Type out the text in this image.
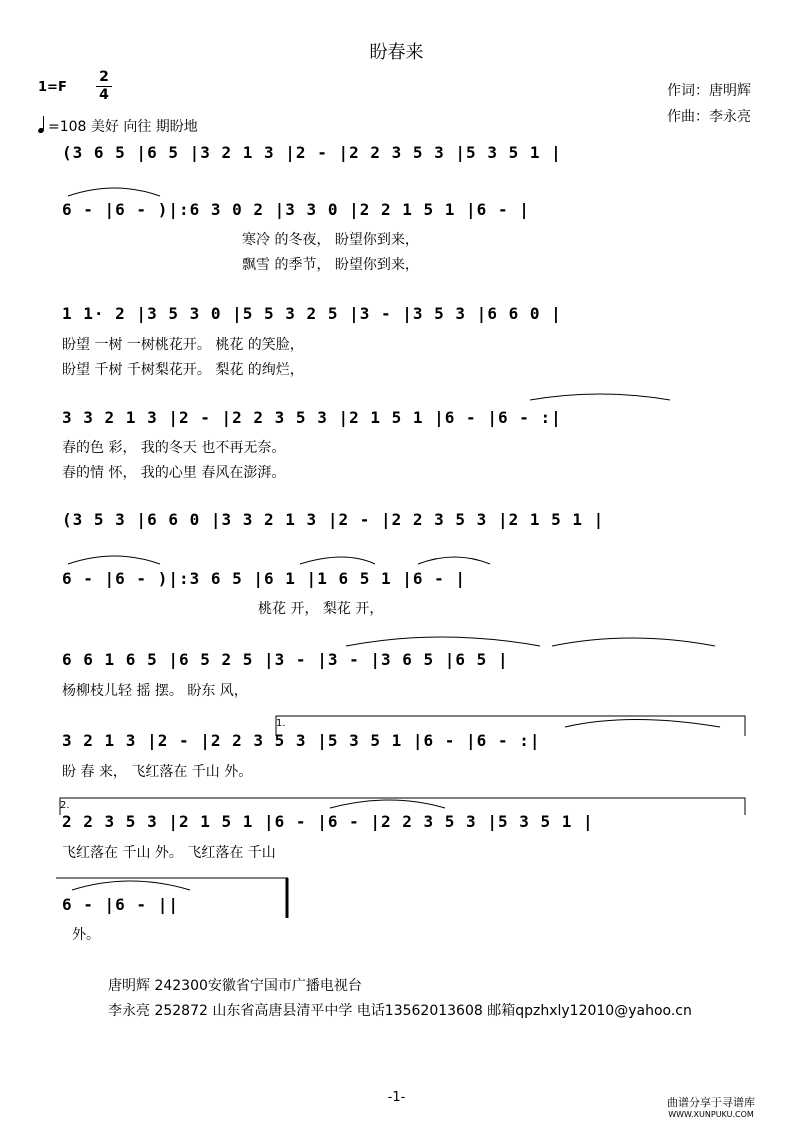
盼春来
1=F
2
4
=108 美好 向往 期盼地
作词：唐明辉
作曲：李永亮
(3 6 5 |6 5 |3 2 1 3 |2 - |2 2 3 5 3 |5 3 5 1 |
6 - |6 - )|:6 3 0 2 |3 3 0 |2 2 1 5 1 |6 - |
寒冷 的冬夜， 盼望你到来，
飘雪 的季节， 盼望你到来，
1 1· 2 |3 5 3 0 |5 5 3 2 5 |3 - |3 5 3 |6 6 0 |
盼望 一树 一树桃花开。 桃花 的笑脸，
盼望 千树 千树梨花开。 梨花 的绚烂，
3 3 2 1 3 |2 - |2 2 3 5 3 |2 1 5 1 |6 - |6 - :|
春的色 彩， 我的冬天 也不再无奈。
春的情 怀， 我的心里 春风在澎湃。
(3 5 3 |6 6 0 |3 3 2 1 3 |2 - |2 2 3 5 3 |2 1 5 1 |
6 - |6 - )|:3 6 5 |6 1 |1 6 5 1 |6 - |
桃花 开， 梨花 开，
6 6 1 6 5 |6 5 2 5 |3 - |3 - |3 6 5 |6 5 |
杨柳枝儿轻 摇 摆。 盼东 风，
1.
3 2 1 3 |2 - |2 2 3 5 3 |5 3 5 1 |6 - |6 - :|
盼 春 来， 飞红落在 千山 外。
2.
2 2 3 5 3 |2 1 5 1 |6 - |6 - |2 2 3 5 3 |5 3 5 1 |
飞红落在 千山 外。 飞红落在 千山
6 - |6 - ||
外。
唐明辉 242300安徽省宁国市广播电视台
李永亮 252872 山东省高唐县清平中学 电话13562013608 邮箱qpzhxly12010@yahoo.cn
-1-	曲谱分享于寻谱库
WWW.XUNPUKU.COM
